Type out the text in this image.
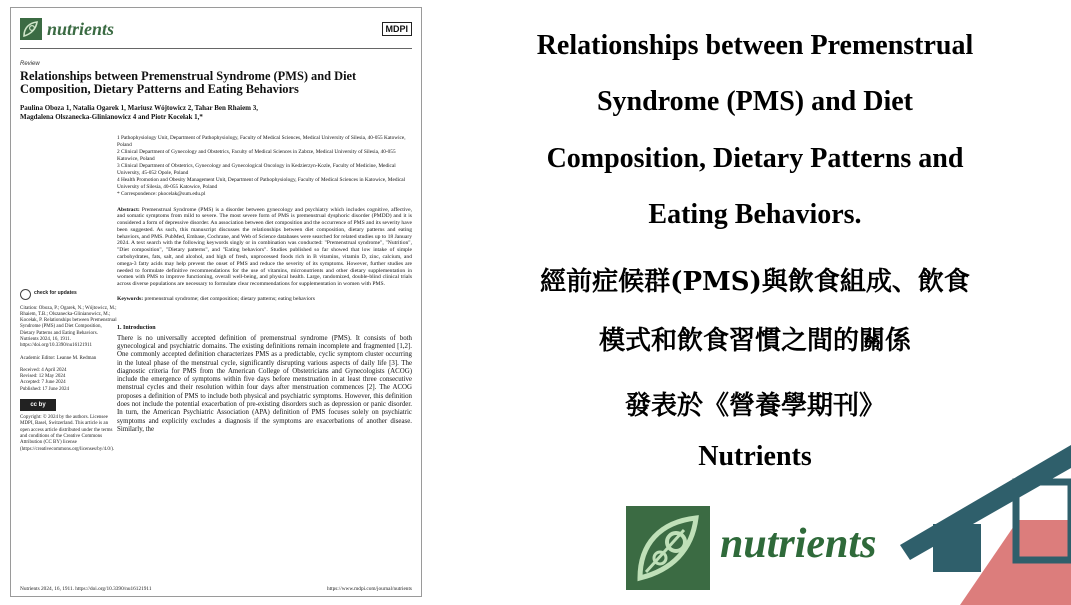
nutrients	MDPI
Review
Relationships between Premenstrual Syndrome (PMS) and Diet Composition, Dietary Patterns and Eating Behaviors
Paulina Oboza 1, Natalia Ogarek 1, Mariusz Wójtowicz 2, Tahar Ben Rhaiem 3,
Magdalena Olszanecka-Glinianowicz 4 and Piotr Kocełak 1,*
1 Pathophysiology Unit, Department of Pathophysiology, Faculty of Medical Sciences, Medical University of Silesia, 40-055 Katowice, Poland
2 Clinical Department of Gynecology and Obstetrics, Faculty of Medical Sciences in Zabrze, Medical University of Silesia, 40-055 Katowice, Poland
3 Clinical Department of Obstetrics, Gynecology and Gynecological Oncology in Kedzierzyn-Kozle, Faculty of Medicine, Medical University, 45-052 Opole, Poland
4 Health Promotion and Obesity Management Unit, Department of Pathophysiology, Faculty of Medical Sciences in Katowice, Medical University of Silesia, 40-055 Katowice, Poland
* Correspondence: pkocelak@sum.edu.pl
check for updates
Citation: Oboza, P.; Ogarek, N.; Wójtowicz, M.; Rhaiem, T.B.; Olszanecka-Glinianowicz, M.; Kocełak, P. Relationships between Premenstrual Syndrome (PMS) and Diet Composition, Dietary Patterns and Eating Behaviors. Nutrients 2024, 16, 1911. https://doi.org/10.3390/nu16121911
Academic Editor: Leanne M. Redman
Received: 4 April 2024
Revised: 12 May 2024
Accepted: 7 June 2024
Published: 17 June 2024
cc by
Copyright: © 2024 by the authors. Licensee MDPI, Basel, Switzerland. This article is an open access article distributed under the terms and conditions of the Creative Commons Attribution (CC BY) license (https://creativecommons.org/licenses/by/4.0/).
Abstract: Premenstrual Syndrome (PMS) is a disorder between gynecology and psychiatry which includes cognitive, affective, and somatic symptoms from mild to severe. The most severe form of PMS is premenstrual dysphoric disorder (PMDD) and it is considered a form of depressive disorder. An association between diet composition and the occurrence of PMS and its severity have been suggested. As such, this manuscript discusses the relationships between diet composition, dietary patterns and eating behaviors, and PMS. PubMed, Embase, Cochrane, and Web of Science databases were searched for related studies up to 18 January 2024. A text search with the following keywords singly or in combination was conducted: "Premenstrual syndrome", "Nutrition", "Diet composition", "Dietary patterns", and "Eating behaviors". Studies published so far showed that low intake of simple carbohydrates, fats, salt, and alcohol, and high of fresh, unprocessed foods rich in B vitamins, vitamin D, zinc, calcium, and omega-3 fatty acids may help prevent the onset of PMS and reduce the severity of its symptoms. However, further studies are needed to formulate definitive recommendations for the use of vitamins, micronutrients and other dietary supplementation in women with PMS to improve functioning, overall well-being, and physical health. Large, randomized, double-blind clinical trials across diverse populations are necessary to formulate clear recommendations for supplementation in women with PMS.
Keywords: premenstrual syndrome; diet composition; dietary patterns; eating behaviors
1. Introduction
There is no universally accepted definition of premenstrual syndrome (PMS). It consists of both gynecological and psychiatric domains. The existing definitions remain incomplete and fragmented [1,2]. One commonly accepted definition characterizes PMS as a predictable, cyclic symptom cluster occurring in the luteal phase of the menstrual cycle, significantly disrupting various aspects of daily life [3]. The diagnostic criteria for PMS from the American College of Obstetricians and Gynecologists (ACOG) include the emergence of symptoms within five days before menstruation in at least three consecutive menstrual cycles and their resolution within four days after menstruation commences [2]. The ACOG proposes a definition of PMS to include both physical and psychiatric symptoms. However, this definition does not include the potential exacerbation of pre-existing disorders such as depression or panic disorder. In turn, the American Psychiatric Association (APA) definition of PMS focuses solely on psychiatric symptoms and explicitly excludes a diagnosis if the symptoms are exacerbations of another disease. Similarly, the
Nutrients 2024, 16, 1911. https://doi.org/10.3390/nu16121911	https://www.mdpi.com/journal/nutrients
Relationships between Premenstrual
Syndrome (PMS) and Diet
Composition, Dietary Patterns and
Eating Behaviors.
經前症候群(PMS)與飲食組成、飲食
模式和飲食習慣之間的關係
發表於《營養學期刊》
Nutrients
nutrients
